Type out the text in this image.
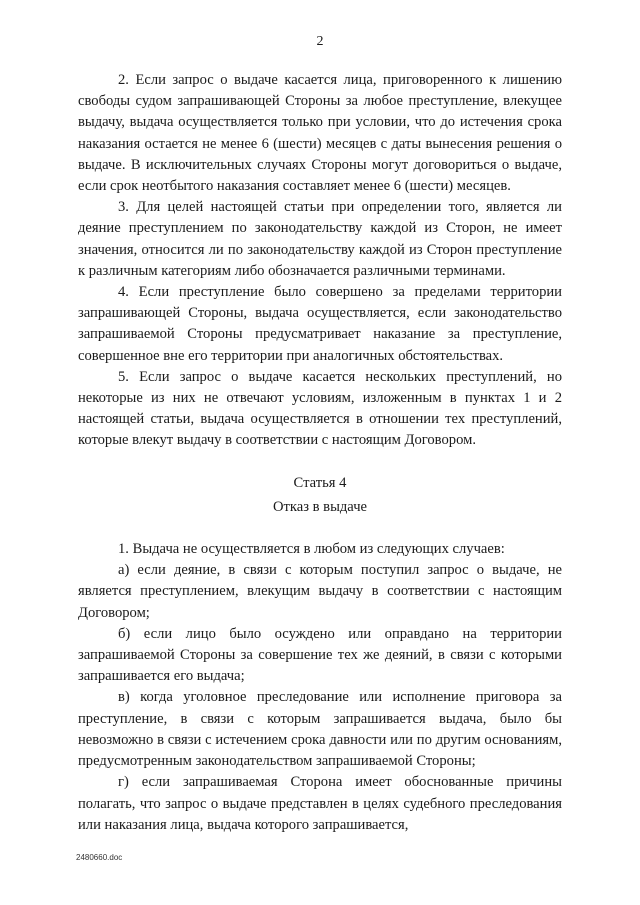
2

2. Если запрос о выдаче касается лица, приговоренного к лишению свободы судом запрашивающей Стороны за любое преступление, влекущее выдачу, выдача осуществляется только при условии, что до истечения срока наказания остается не менее 6 (шести) месяцев с даты вынесения решения о выдаче. В исключительных случаях Стороны могут договориться о выдаче, если срок неотбытого наказания составляет менее 6 (шести) месяцев.

3. Для целей настоящей статьи при определении того, является ли деяние преступлением по законодательству каждой из Сторон, не имеет значения, относится ли по законодательству каждой из Сторон преступление к различным категориям либо обозначается различными терминами.

4. Если преступление было совершено за пределами территории запрашивающей Стороны, выдача осуществляется, если законодательство запрашиваемой Стороны предусматривает наказание за преступление, совершенное вне его территории при аналогичных обстоятельствах.

5. Если запрос о выдаче касается нескольких преступлений, но некоторые из них не отвечают условиям, изложенным в пунктах 1 и 2 настоящей статьи, выдача осуществляется в отношении тех преступлений, которые влекут выдачу в соответствии с настоящим Договором.

Статья 4

Отказ в выдаче

1. Выдача не осуществляется в любом из следующих случаев:

а) если деяние, в связи с которым поступил запрос о выдаче, не является преступлением, влекущим выдачу в соответствии с настоящим Договором;

б) если лицо было осуждено или оправдано на территории запрашиваемой Стороны за совершение тех же деяний, в связи с которыми запрашивается его выдача;

в) когда уголовное преследование или исполнение приговора за преступление, в связи с которым запрашивается выдача, было бы невозможно в связи с истечением срока давности или по другим основаниям, предусмотренным законодательством запрашиваемой Стороны;

г) если запрашиваемая Сторона имеет обоснованные причины полагать, что запрос о выдаче представлен в целях судебного преследования или наказания лица, выдача которого запрашивается,

2480660.doc
